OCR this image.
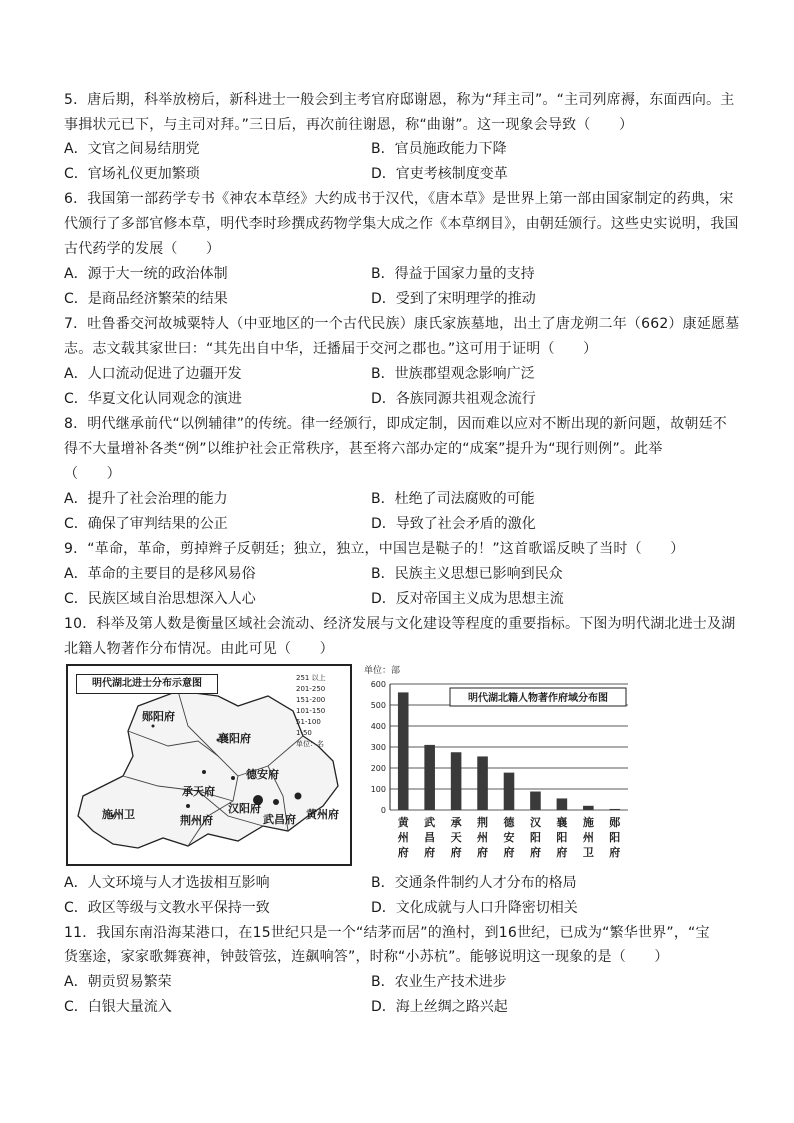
5．唐后期，科举放榜后，新科进士一般会到主考官府邸谢恩，称为“拜主司”。“主司列席褥，东面西向。主
事揖状元已下，与主司对拜。”三日后，再次前往谢恩，称“曲谢”。这一现象会导致（　　）
A．文官之间易结朋党	B．官员施政能力下降
C．官场礼仪更加繁琐	D．官吏考核制度变革
6．我国第一部药学专书《神农本草经》大约成书于汉代，《唐本草》是世界上第一部由国家制定的药典，宋
代颁行了多部官修本草，明代李时珍撰成药物学集大成之作《本草纲目》，由朝廷颁行。这些史实说明，我国
古代药学的发展（　　）
A．源于大一统的政治体制	B．得益于国家力量的支持
C．是商品经济繁荣的结果	D．受到了宋明理学的推动
7．吐鲁番交河故城粟特人（中亚地区的一个古代民族）康氏家族墓地，出土了唐龙朔二年（662）康延愿墓
志。志文载其家世曰：“其先出自中华，迁播届于交河之郡也。”这可用于证明（　　）
A．人口流动促进了边疆开发	B．世族郡望观念影响广泛
C．华夏文化认同观念的演进	D．各族同源共祖观念流行
8．明代继承前代“以例辅律”的传统。律一经颁行，即成定制，因而难以应对不断出现的新问题，故朝廷不
得不大量增补各类“例”以维护社会正常秩序，甚至将六部办定的“成案”提升为“现行则例”。此举
（　　）
A．提升了社会治理的能力	B．杜绝了司法腐败的可能
C．确保了审判结果的公正	D．导致了社会矛盾的激化
9．“革命，革命，剪掉辫子反朝廷；独立，独立，中国岂是鞑子的！”这首歌谣反映了当时（　　）
A．革命的主要目的是移风易俗	B．民族主义思想已影响到民众
C．民族区域自治思想深入人心	D．反对帝国主义成为思想主流
10．科举及第人数是衡量区域社会流动、经济发展与文化建设等程度的重要指标。下图为明代湖北进士及湖
北籍人物著作分布情况。由此可见（　　）
明代湖北进士分布示意图	251 以上
201-250
151-200
101-150
51-100
1-50
单位：名
郧阳府
襄阳府
德安府
承天府
汉阳府
武昌府 黄州府
荆州府
施州卫
单位：部
0
100
200
300
400
500
600
明代湖北籍人物著作府域分布图
黄州府
武昌府
承天府
荆州府
德安府
汉阳府
襄阳府
施州卫
郧阳府
A．人文环境与人才选拔相互影响	B．交通条件制约人才分布的格局
C．政区等级与文教水平保持一致	D．文化成就与人口升降密切相关
11．我国东南沿海某港口，在15世纪只是一个“结茅而居”的渔村，到16世纪，已成为“繁华世界”，“宝
货塞途，家家歌舞赛神，钟鼓管弦，连飙响答”，时称“小苏杭”。能够说明这一现象的是（　　）
A．朝贡贸易繁荣	B．农业生产技术进步
C．白银大量流入	D．海上丝绸之路兴起
